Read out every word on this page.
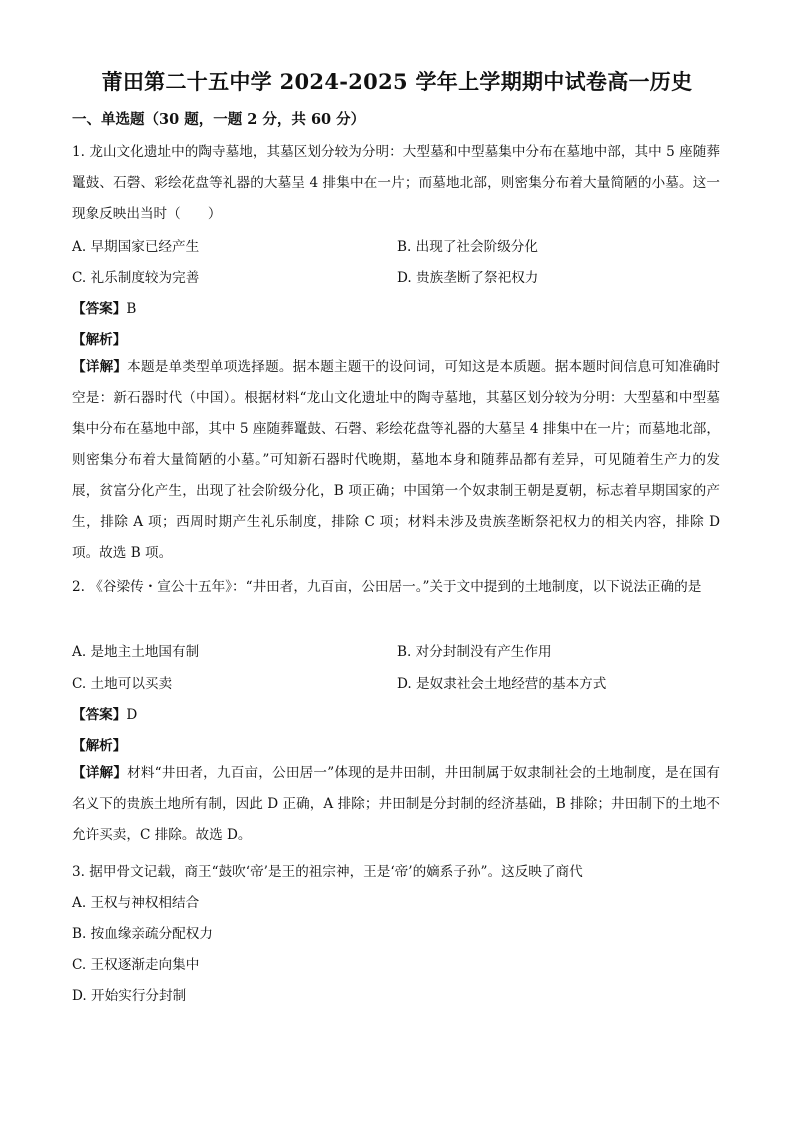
莆田第二十五中学 2024-2025 学年上学期期中试卷高一历史
一、单选题（30 题，一题 2 分，共 60 分）
1. 龙山文化遗址中的陶寺墓地，其墓区划分较为分明：大型墓和中型墓集中分布在墓地中部，其中 5 座随葬鼍鼓、石磬、彩绘花盘等礼器的大墓呈 4 排集中在一片；而墓地北部，则密集分布着大量简陋的小墓。这一现象反映出当时（　　）
A. 早期国家已经产生	B. 出现了社会阶级分化
C. 礼乐制度较为完善	D. 贵族垄断了祭祀权力
【答案】B
【解析】
【详解】本题是单类型单项选择题。据本题主题干的设问词，可知这是本质题。据本题时间信息可知准确时空是：新石器时代（中国）。根据材料“龙山文化遗址中的陶寺墓地，其墓区划分较为分明：大型墓和中型墓集中分布在墓地中部，其中 5 座随葬鼍鼓、石磬、彩绘花盘等礼器的大墓呈 4 排集中在一片；而墓地北部，则密集分布着大量简陋的小墓。”可知新石器时代晚期，墓地本身和随葬品都有差异，可见随着生产力的发展，贫富分化产生，出现了社会阶级分化，B 项正确；中国第一个奴隶制王朝是夏朝，标志着早期国家的产生，排除 A 项；西周时期产生礼乐制度，排除 C 项；材料未涉及贵族垄断祭祀权力的相关内容，排除 D 项。故选 B 项。
2. 《谷梁传・宣公十五年》：“井田者，九百亩，公田居一。”关于文中提到的土地制度，以下说法正确的是
A. 是地主土地国有制	B. 对分封制没有产生作用
C. 土地可以买卖	D. 是奴隶社会土地经营的基本方式
【答案】D
【解析】
【详解】材料“井田者，九百亩，公田居一”体现的是井田制，井田制属于奴隶制社会的土地制度，是在国有名义下的贵族土地所有制，因此 D 正确，A 排除；井田制是分封制的经济基础，B 排除；井田制下的土地不允许买卖，C 排除。故选 D。
3. 据甲骨文记载，商王“鼓吹‘帝’是王的祖宗神，王是‘帝’的嫡系子孙”。这反映了商代
A. 王权与神权相结合
B. 按血缘亲疏分配权力
C. 王权逐渐走向集中
D. 开始实行分封制
